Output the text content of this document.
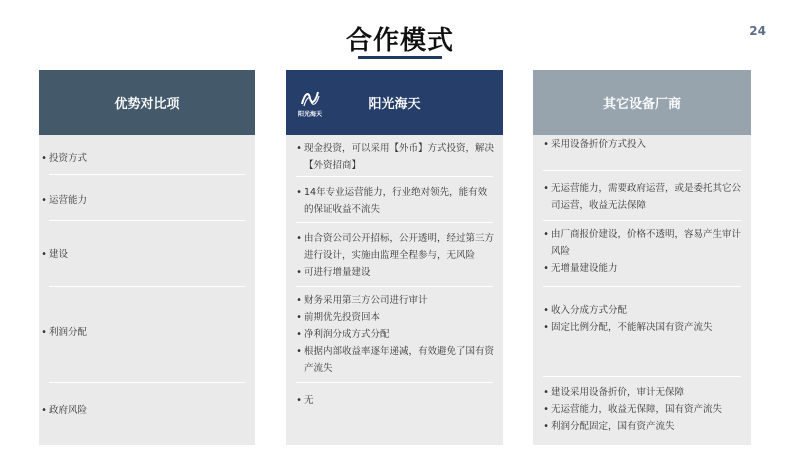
合作模式	24
优势对比项
• 投资方式
• 运营能力
• 建设
• 利润分配
• 政府风险
阳光海天
阳光海天
• 现金投资，可以采用【外币】方式投资，解决【外资招商】
• 14年专业运营能力，行业绝对领先，能有效的保证收益不流失
• 由合资公司公开招标，公开透明，经过第三方进行设计，实施由监理全程参与，无风险
• 可进行增量建设
• 财务采用第三方公司进行审计
• 前期优先投资回本
• 净利润分成方式分配
• 根据内部收益率逐年递减，有效避免了国有资产流失
• 无
其它设备厂商
• 采用设备折价方式投入
• 无运营能力，需要政府运营，或是委托其它公司运营，收益无法保障
• 由厂商报价建设，价格不透明，容易产生审计风险
• 无增量建设能力
• 收入分成方式分配
• 固定比例分配，不能解决国有资产流失
• 建设采用设备折价，审计无保障
• 无运营能力，收益无保障，国有资产流失
• 利润分配固定，国有资产流失
